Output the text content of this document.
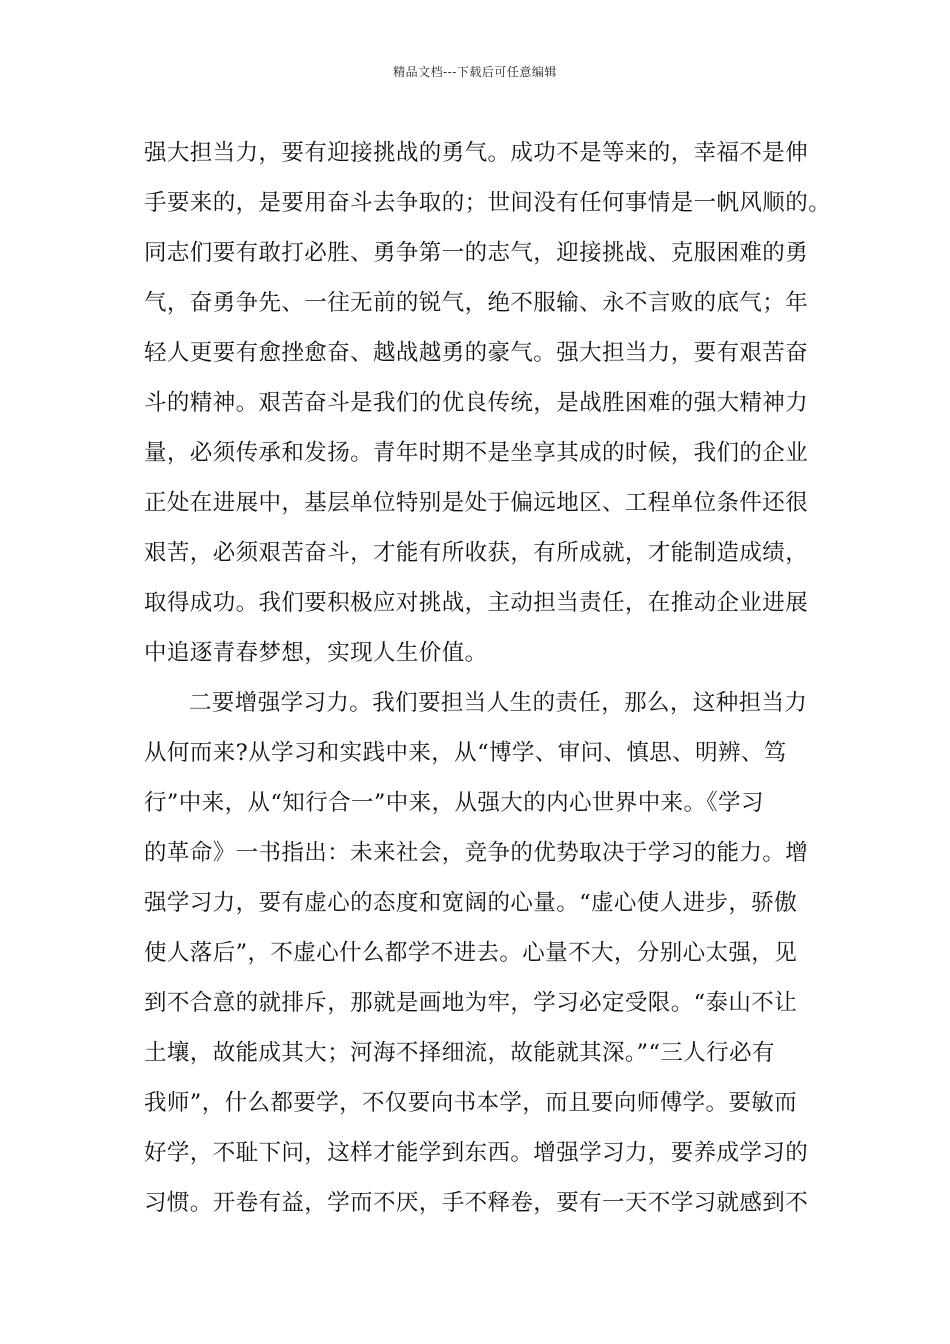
精品文档---下载后可任意编辑
强大担当力，要有迎接挑战的勇气。成功不是等来的，幸福不是伸
手要来的，是要用奋斗去争取的；世间没有任何事情是一帆风顺的。
同志们要有敢打必胜、勇争第一的志气，迎接挑战、克服困难的勇
气，奋勇争先、一往无前的锐气，绝不服输、永不言败的底气；年
轻人更要有愈挫愈奋、越战越勇的豪气。强大担当力，要有艰苦奋
斗的精神。艰苦奋斗是我们的优良传统，是战胜困难的强大精神力
量，必须传承和发扬。青年时期不是坐享其成的时候，我们的企业
正处在进展中，基层单位特别是处于偏远地区、工程单位条件还很
艰苦，必须艰苦奋斗，才能有所收获，有所成就，才能制造成绩，
取得成功。我们要积极应对挑战，主动担当责任，在推动企业进展
中追逐青春梦想，实现人生价值。
二要增强学习力。我们要担当人生的责任，那么，这种担当力
从何而来?从学习和实践中来，从“博学、审问、慎思、明辨、笃
行”中来，从“知行合一”中来，从强大的内心世界中来。《学习
的革命》一书指出：未来社会，竞争的优势取决于学习的能力。增
强学习力，要有虚心的态度和宽阔的心量。“虚心使人进步，骄傲
使人落后”，不虚心什么都学不进去。心量不大，分别心太强，见
到不合意的就排斥，那就是画地为牢，学习必定受限。“泰山不让
土壤，故能成其大；河海不择细流，故能就其深。”“三人行必有
我师”，什么都要学，不仅要向书本学，而且要向师傅学。要敏而
好学，不耻下问，这样才能学到东西。增强学习力，要养成学习的
习惯。开卷有益，学而不厌，手不释卷，要有一天不学习就感到不
